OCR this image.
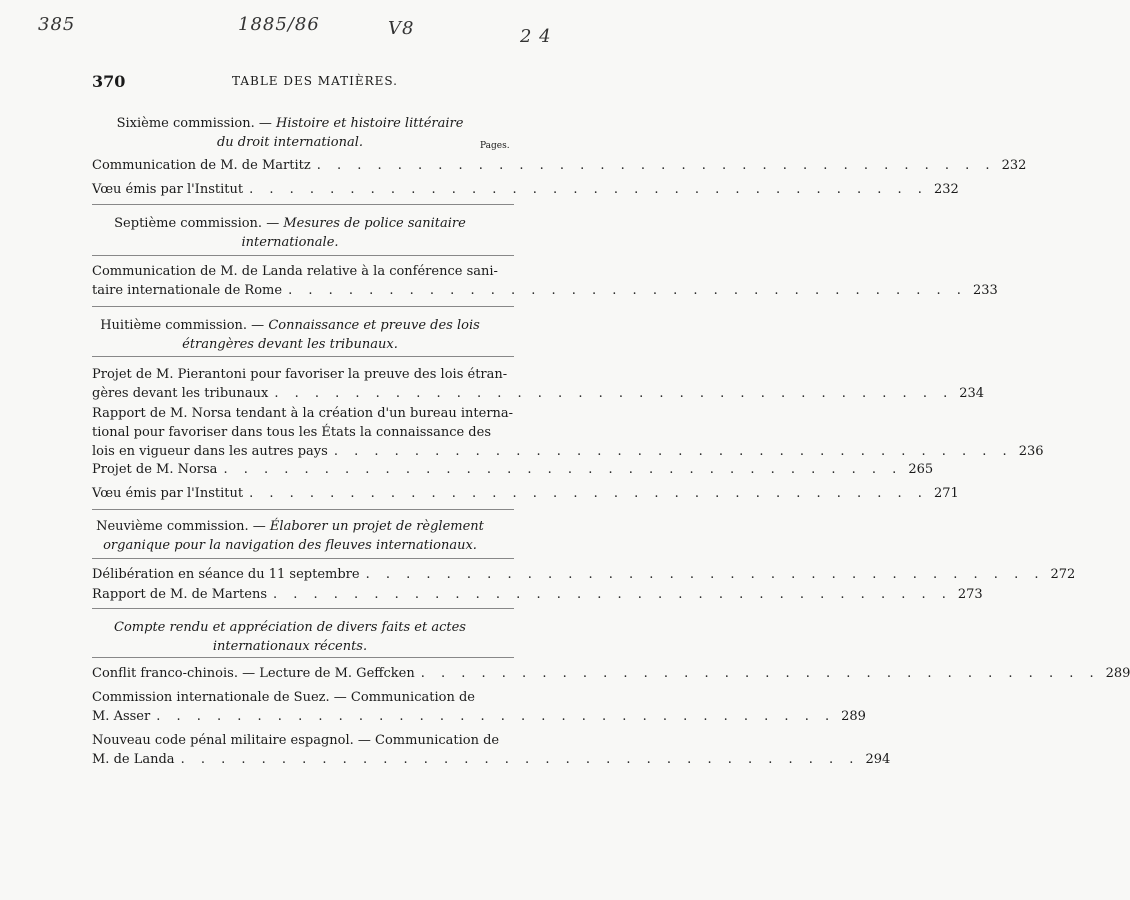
385	1885/86	V8	2 4
370	TABLE DES MATIÈRES.
Sixième commission. — Histoire et histoire littéraire
du droit international.	Pages.
Communication de M. de Martitz . . . . . . . . . . . . . . . . . . . . . . . . . . . . . . . . . . 232
Vœu émis par l'Institut . . . . . . . . . . . . . . . . . . . . . . . . . . . . . . . . . . 232
Septième commission. — Mesures de police sanitaire
internationale.
Communication de M. de Landa relative à la conférence sani-
taire internationale de Rome . . . . . . . . . . . . . . . . . . . . . . . . . . . . . . . . . . 233
Huitième commission. — Connaissance et preuve des lois
étrangères devant les tribunaux.
Projet de M. Pierantoni pour favoriser la preuve des lois étran-
gères devant les tribunaux . . . . . . . . . . . . . . . . . . . . . . . . . . . . . . . . . . 234
Rapport de M. Norsa tendant à la création d'un bureau interna-
tional pour favoriser dans tous les États la connaissance des
lois en vigueur dans les autres pays . . . . . . . . . . . . . . . . . . . . . . . . . . . . . . . . . . 236
Projet de M. Norsa . . . . . . . . . . . . . . . . . . . . . . . . . . . . . . . . . . 265
Vœu émis par l'Institut . . . . . . . . . . . . . . . . . . . . . . . . . . . . . . . . . . 271
Neuvième commission. — Élaborer un projet de règlement
organique pour la navigation des fleuves internationaux.
Délibération en séance du 11 septembre . . . . . . . . . . . . . . . . . . . . . . . . . . . . . . . . . . 272
Rapport de M. de Martens . . . . . . . . . . . . . . . . . . . . . . . . . . . . . . . . . . 273
Compte rendu et appréciation de divers faits et actes
internationaux récents.
Conflit franco-chinois. — Lecture de M. Geffcken . . . . . . . . . . . . . . . . . . . . . . . . . . . . . . . . . . 289
Commission internationale de Suez. — Communication de
M. Asser . . . . . . . . . . . . . . . . . . . . . . . . . . . . . . . . . . 289
Nouveau code pénal militaire espagnol. — Communication de
M. de Landa . . . . . . . . . . . . . . . . . . . . . . . . . . . . . . . . . . 294
